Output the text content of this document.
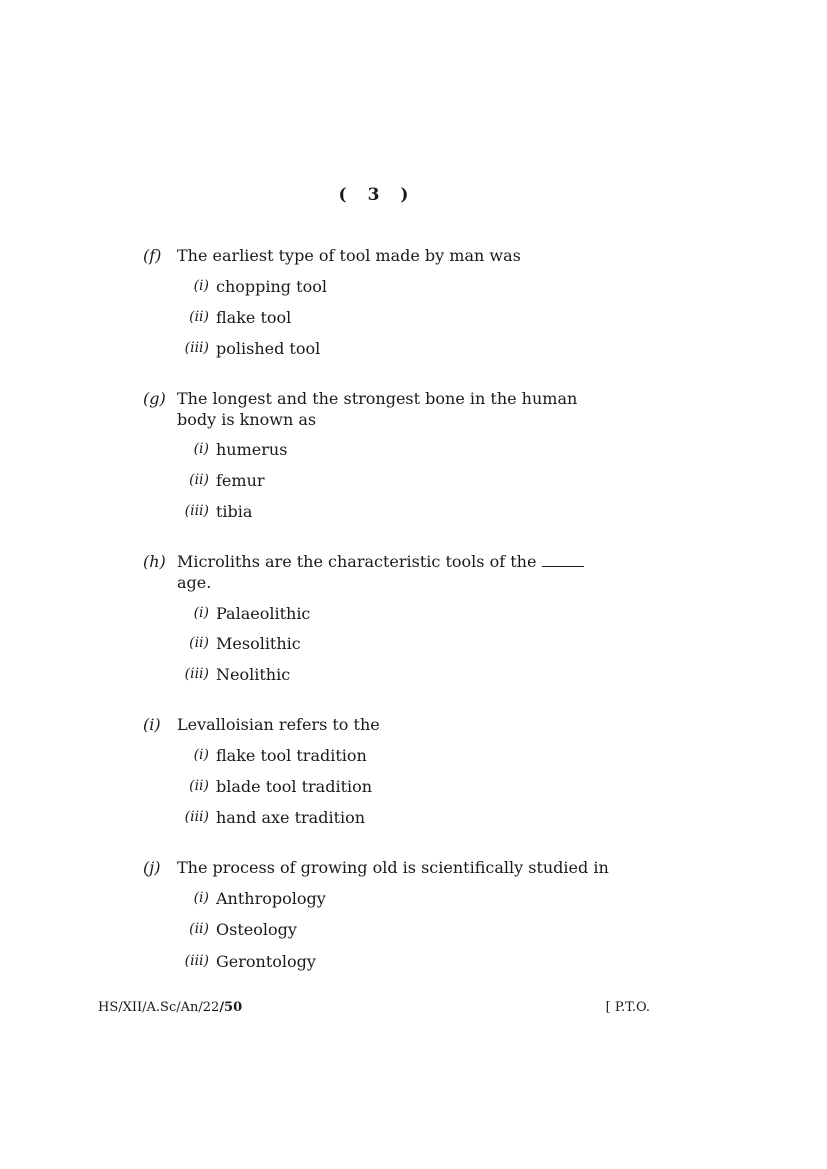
( 3 )
(f) The earliest type of tool made by man was
(i) chopping tool
(ii) flake tool
(iii) polished tool
(g) The longest and the strongest bone in the human
body is known as
(i) humerus
(ii) femur
(iii) tibia
(h) Microliths are the characteristic tools of the
age.
(i) Palaeolithic
(ii) Mesolithic
(iii) Neolithic
(i)	Levalloisian refers to the
(i) flake tool tradition
(ii) blade tool tradition
(iii) hand axe tradition
(j)	The process of growing old is scientifically studied in
(i) Anthropology
(ii) Osteology
(iii) Gerontology
HS/XII/A.Sc/An/22/50	[ P.T.O.
